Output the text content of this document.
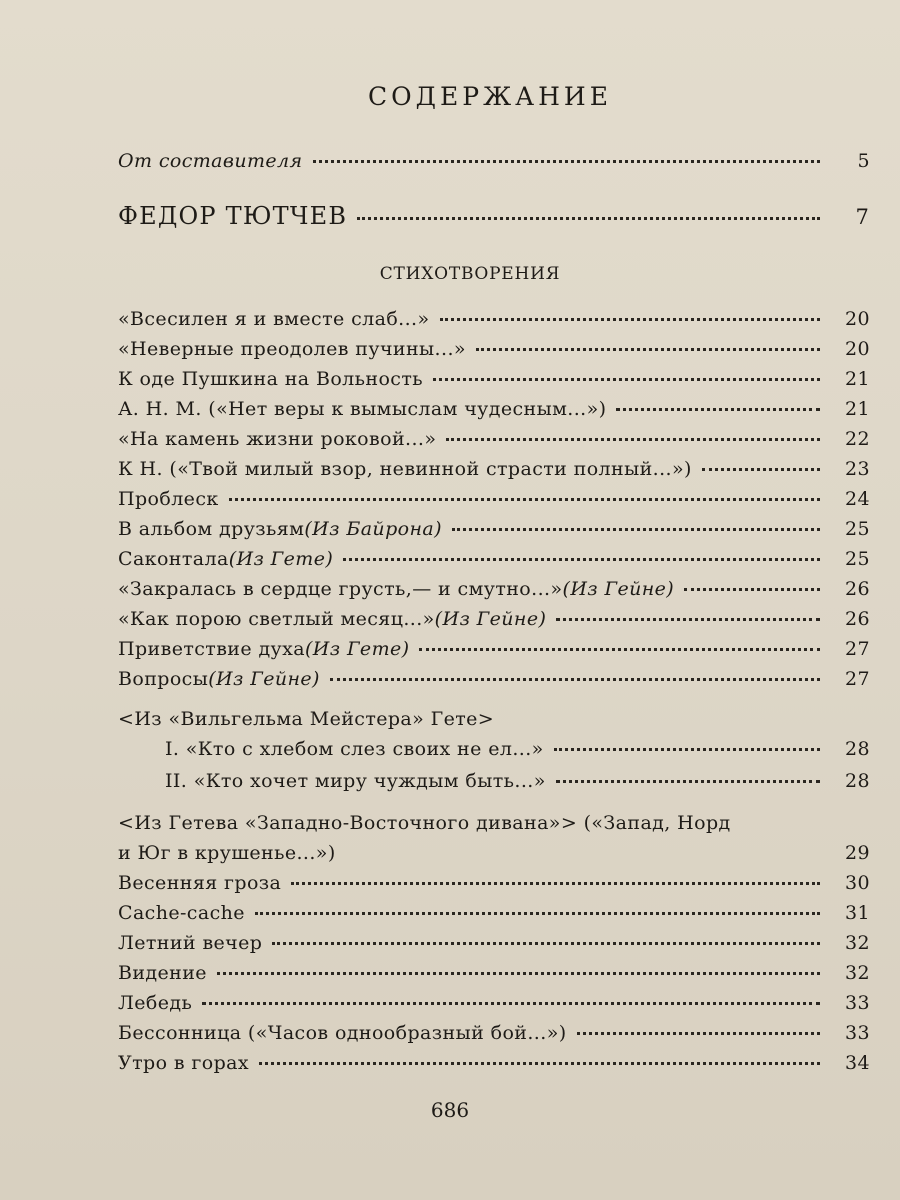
СОДЕРЖАНИЕ
От составителя	5
ФЕДОР ТЮТЧЕВ	7
СТИХОТВОРЕНИЯ
«Всесилен я и вместе слаб...»	20
«Неверные преодолев пучины...»	20
К оде Пушкина на Вольность	21
А. Н. М. («Нет веры к вымыслам чудесным...»)	21
«На камень жизни роковой...»	22
К Н. («Твой милый взор, невинной страсти полный...»)	23
Проблеск	24
В альбом друзьям (Из Байрона)	25
Саконтала (Из Гете)	25
«Закралась в сердце грусть,— и смутно...» (Из Гейне)	26
«Как порою светлый месяц...» (Из Гейне)	26
Приветствие духа (Из Гете)	27
Вопросы (Из Гейне)	27
<Из «Вильгельма Мейстера» Гете>
I. «Кто с хлебом слез своих не ел...»	28
II. «Кто хочет миру чуждым быть...»	28
<Из Гетева «Западно-Восточного дивана»> («Запад, Норд
и Юг в крушенье...»)	29
Весенняя гроза	30
Cache-cache	31
Летний вечер	32
Видение	32
Лебедь	33
Бессонница («Часов однообразный бой...»)	33
Утро в горах	34
686
